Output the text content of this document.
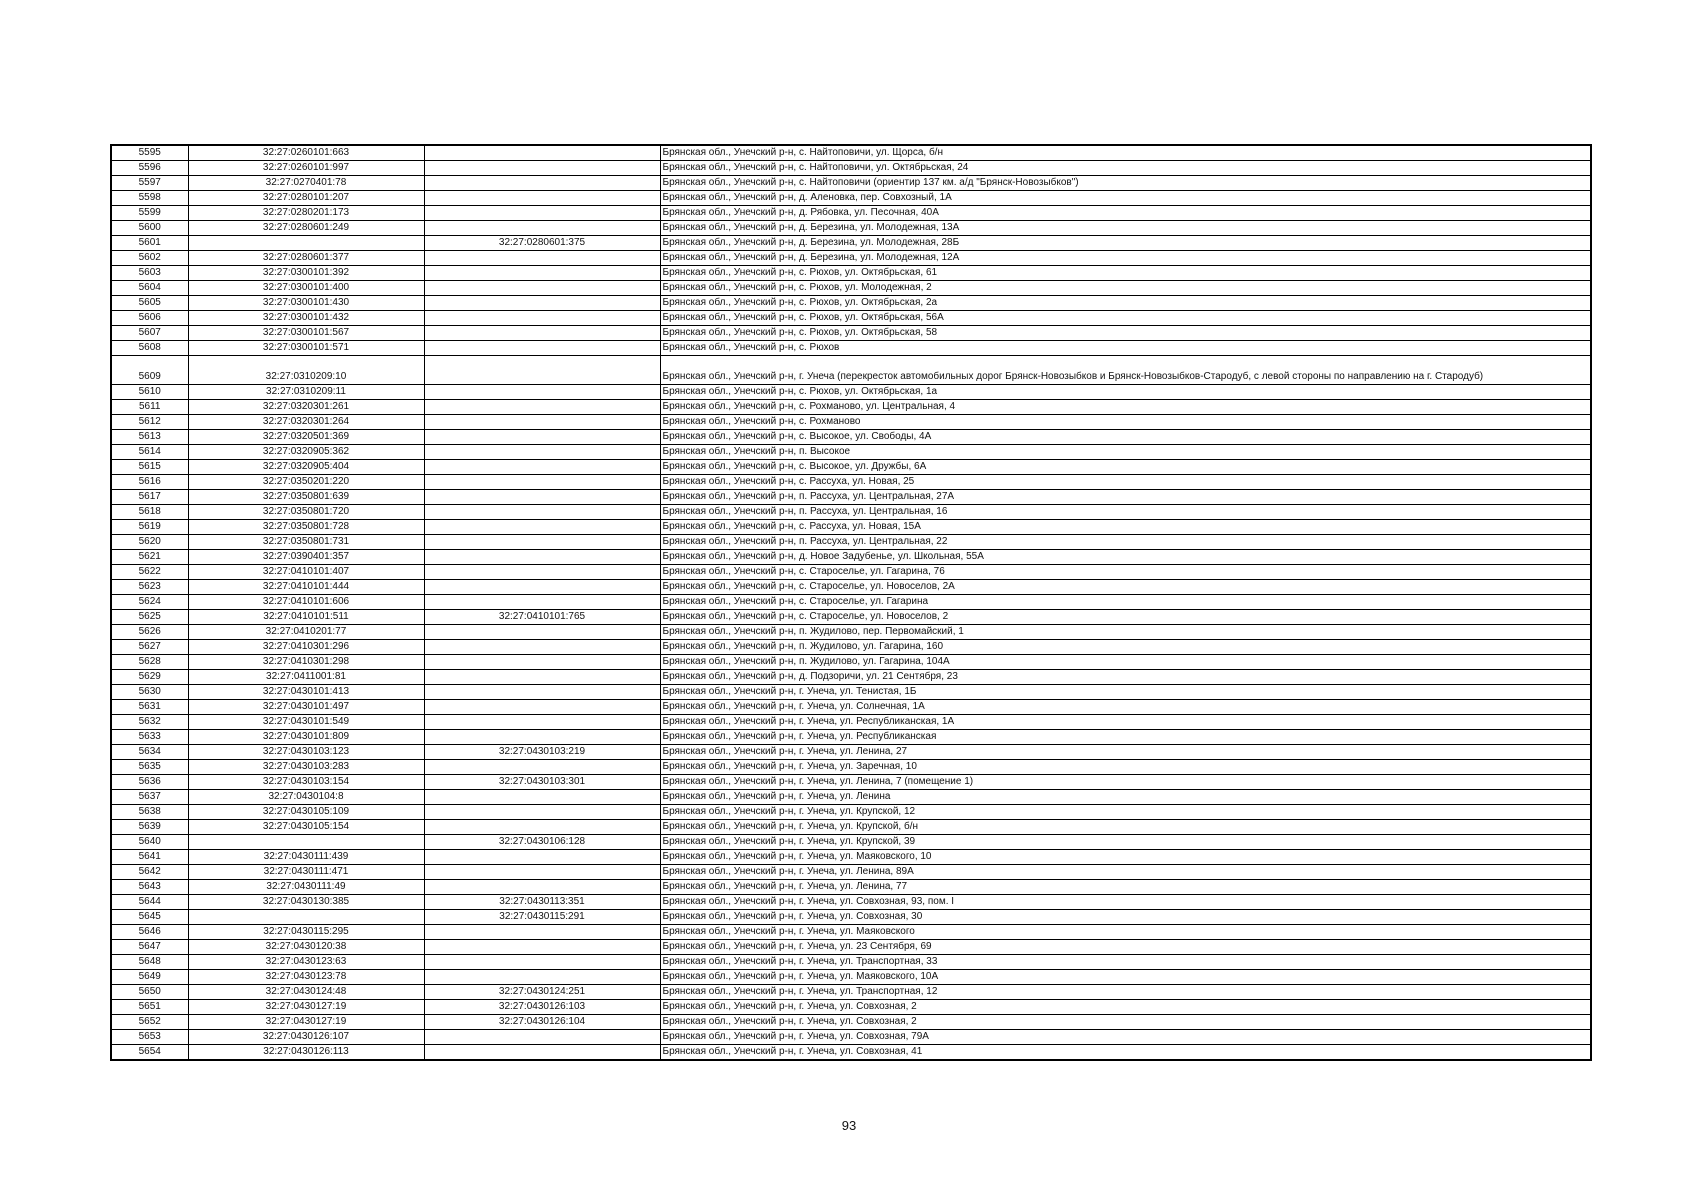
5595	32:27:0260101:663		Брянская обл., Унечский р-н, с. Найтоповичи, ул. Щорса, б/н
5596	32:27:0260101:997		Брянская обл., Унечский р-н, с. Найтоповичи, ул. Октябрьская, 24
5597	32:27:0270401:78		Брянская обл., Унечский р-н, с. Найтоповичи (ориентир 137 км. а/д "Брянск-Новозыбков")
5598	32:27:0280101:207		Брянская обл., Унечский р-н, д. Аленовка, пер. Совхозный, 1А
5599	32:27:0280201:173		Брянская обл., Унечский р-н, д. Рябовка, ул. Песочная, 40А
5600	32:27:0280601:249		Брянская обл., Унечский р-н, д. Березина, ул. Молодежная, 13А
5601		32:27:0280601:375	Брянская обл., Унечский р-н, д. Березина, ул. Молодежная, 28Б
5602	32:27:0280601:377		Брянская обл., Унечский р-н, д. Березина, ул. Молодежная, 12А
5603	32:27:0300101:392		Брянская обл., Унечский р-н, с. Рюхов, ул. Октябрьская, 61
5604	32:27:0300101:400		Брянская обл., Унечский р-н, с. Рюхов, ул. Молодежная, 2
5605	32:27:0300101:430		Брянская обл., Унечский р-н, с. Рюхов, ул. Октябрьская, 2а
5606	32:27:0300101:432		Брянская обл., Унечский р-н, с. Рюхов, ул. Октябрьская, 56А
5607	32:27:0300101:567		Брянская обл., Унечский р-н, с. Рюхов, ул. Октябрьская, 58
5608	32:27:0300101:571		Брянская обл., Унечский р-н, с. Рюхов
5609	32:27:0310209:10		Брянская обл., Унечский р-н, г. Унеча (перекресток автомобильных дорог Брянск-Новозыбков и Брянск-Новозыбков-Стародуб, с левой стороны по направлению на г. Стародуб)
5610	32:27:0310209:11		Брянская обл., Унечский р-н, с. Рюхов, ул. Октябрьская, 1а
5611	32:27:0320301:261		Брянская обл., Унечский р-н, с. Рохманово, ул. Центральная, 4
5612	32:27:0320301:264		Брянская обл., Унечский р-н, с. Рохманово
5613	32:27:0320501:369		Брянская обл., Унечский р-н, с. Высокое, ул. Свободы, 4А
5614	32:27:0320905:362		Брянская обл., Унечский р-н, п. Высокое
5615	32:27:0320905:404		Брянская обл., Унечский р-н, с. Высокое, ул. Дружбы, 6А
5616	32:27:0350201:220		Брянская обл., Унечский р-н, с. Рассуха, ул. Новая, 25
5617	32:27:0350801:639		Брянская обл., Унечский р-н, п. Рассуха, ул. Центральная, 27А
5618	32:27:0350801:720		Брянская обл., Унечский р-н, п. Рассуха, ул. Центральная, 16
5619	32:27:0350801:728		Брянская обл., Унечский р-н, с. Рассуха, ул. Новая, 15А
5620	32:27:0350801:731		Брянская обл., Унечский р-н, п. Рассуха, ул. Центральная, 22
5621	32:27:0390401:357		Брянская обл., Унечский р-н, д. Новое Задубенье, ул. Школьная, 55А
5622	32:27:0410101:407		Брянская обл., Унечский р-н, с. Староселье, ул. Гагарина, 76
5623	32:27:0410101:444		Брянская обл., Унечский р-н, с. Староселье, ул. Новоселов, 2А
5624	32:27:0410101:606		Брянская обл., Унечский р-н, с. Староселье, ул. Гагарина
5625	32:27:0410101:511	32:27:0410101:765	Брянская обл., Унечский р-н, с. Староселье, ул. Новоселов, 2
5626	32:27:0410201:77		Брянская обл., Унечский р-н, п. Жудилово, пер. Первомайский, 1
5627	32:27:0410301:296		Брянская обл., Унечский р-н, п. Жудилово, ул. Гагарина, 160
5628	32:27:0410301:298		Брянская обл., Унечский р-н, п. Жудилово, ул. Гагарина, 104А
5629	32:27:0411001:81		Брянская обл., Унечский р-н, д. Подзоричи, ул. 21 Сентября, 23
5630	32:27:0430101:413		Брянская обл., Унечский р-н, г. Унеча, ул. Тенистая, 1Б
5631	32:27:0430101:497		Брянская обл., Унечский р-н, г. Унеча, ул. Солнечная, 1А
5632	32:27:0430101:549		Брянская обл., Унечский р-н, г. Унеча, ул. Республиканская, 1А
5633	32:27:0430101:809		Брянская обл., Унечский р-н, г. Унеча, ул. Республиканская
5634	32:27:0430103:123	32:27:0430103:219	Брянская обл., Унечский р-н, г. Унеча, ул. Ленина, 27
5635	32:27:0430103:283		Брянская обл., Унечский р-н, г. Унеча, ул. Заречная, 10
5636	32:27:0430103:154	32:27:0430103:301	Брянская обл., Унечский р-н, г. Унеча, ул. Ленина, 7 (помещение 1)
5637	32:27:0430104:8		Брянская обл., Унечский р-н, г. Унеча, ул. Ленина
5638	32:27:0430105:109		Брянская обл., Унечский р-н, г. Унеча, ул. Крупской, 12
5639	32:27:0430105:154		Брянская обл., Унечский р-н, г. Унеча, ул. Крупской, б/н
5640		32:27:0430106:128	Брянская обл., Унечский р-н, г. Унеча, ул. Крупской, 39
5641	32:27:0430111:439		Брянская обл., Унечский р-н, г. Унеча, ул. Маяковского, 10
5642	32:27:0430111:471		Брянская обл., Унечский р-н, г. Унеча, ул. Ленина, 89А
5643	32:27:0430111:49		Брянская обл., Унечский р-н, г. Унеча, ул. Ленина, 77
5644	32:27:0430130:385	32:27:0430113:351	Брянская обл., Унечский р-н, г. Унеча, ул. Совхозная, 93, пом. I
5645		32:27:0430115:291	Брянская обл., Унечский р-н, г. Унеча, ул. Совхозная, 30
5646	32:27:0430115:295		Брянская обл., Унечский р-н, г. Унеча, ул. Маяковского
5647	32:27:0430120:38		Брянская обл., Унечский р-н, г. Унеча, ул. 23 Сентября, 69
5648	32:27:0430123:63		Брянская обл., Унечский р-н, г. Унеча, ул. Транспортная, 33
5649	32:27:0430123:78		Брянская обл., Унечский р-н, г. Унеча, ул. Маяковского, 10А
5650	32:27:0430124:48	32:27:0430124:251	Брянская обл., Унечский р-н, г. Унеча, ул. Транспортная, 12
5651	32:27:0430127:19	32:27:0430126:103	Брянская обл., Унечский р-н, г. Унеча, ул. Совхозная, 2
5652	32:27:0430127:19	32:27:0430126:104	Брянская обл., Унечский р-н, г. Унеча, ул. Совхозная, 2
5653	32:27:0430126:107		Брянская обл., Унечский р-н, г. Унеча, ул. Совхозная, 79А
5654	32:27:0430126:113		Брянская обл., Унечский р-н, г. Унеча, ул. Совхозная, 41
93
